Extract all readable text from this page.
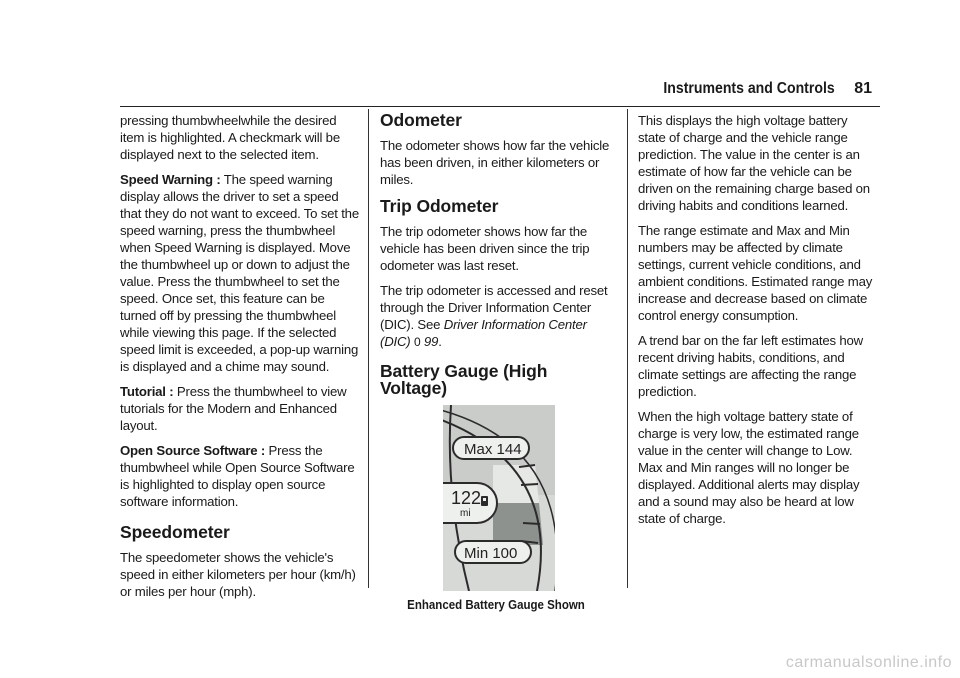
Instruments and Controls 81

pressing thumbwheelwhile the desired item is highlighted. A checkmark will be displayed next to the selected item.

Speed Warning : The speed warning display allows the driver to set a speed that they do not want to exceed. To set the speed warning, press the thumbwheel when Speed Warning is displayed. Move the thumbwheel up or down to adjust the value. Press the thumbwheel to set the speed. Once set, this feature can be turned off by pressing the thumbwheel while viewing this page. If the selected speed limit is exceeded, a pop-up warning is displayed and a chime may sound.

Tutorial : Press the thumbwheel to view tutorials for the Modern and Enhanced layout.

Open Source Software : Press the thumbwheel while Open Source Software is highlighted to display open source software information.

Speedometer

The speedometer shows the vehicle's speed in either kilometers per hour (km/h) or miles per hour (mph).

Odometer

The odometer shows how far the vehicle has been driven, in either kilometers or miles.

Trip Odometer

The trip odometer shows how far the vehicle has been driven since the trip odometer was last reset.

The trip odometer is accessed and reset through the Driver Information Center (DIC). See Driver Information Center (DIC) 0 99.

Battery Gauge (High Voltage)
Max 144
Min 100
122
mi
Enhanced Battery Gauge Shown

This displays the high voltage battery state of charge and the vehicle range prediction. The value in the center is an estimate of how far the vehicle can be driven on the remaining charge based on driving habits and conditions learned.

The range estimate and Max and Min numbers may be affected by climate settings, current vehicle conditions, and ambient conditions. Estimated range may increase and decrease based on climate control energy consumption.

A trend bar on the far left estimates how recent driving habits, conditions, and climate settings are affecting the range prediction.

When the high voltage battery state of charge is very low, the estimated range value in the center will change to Low. Max and Min ranges will no longer be displayed. Additional alerts may display and a sound may also be heard at low state of charge.

carmanualsonline.info
